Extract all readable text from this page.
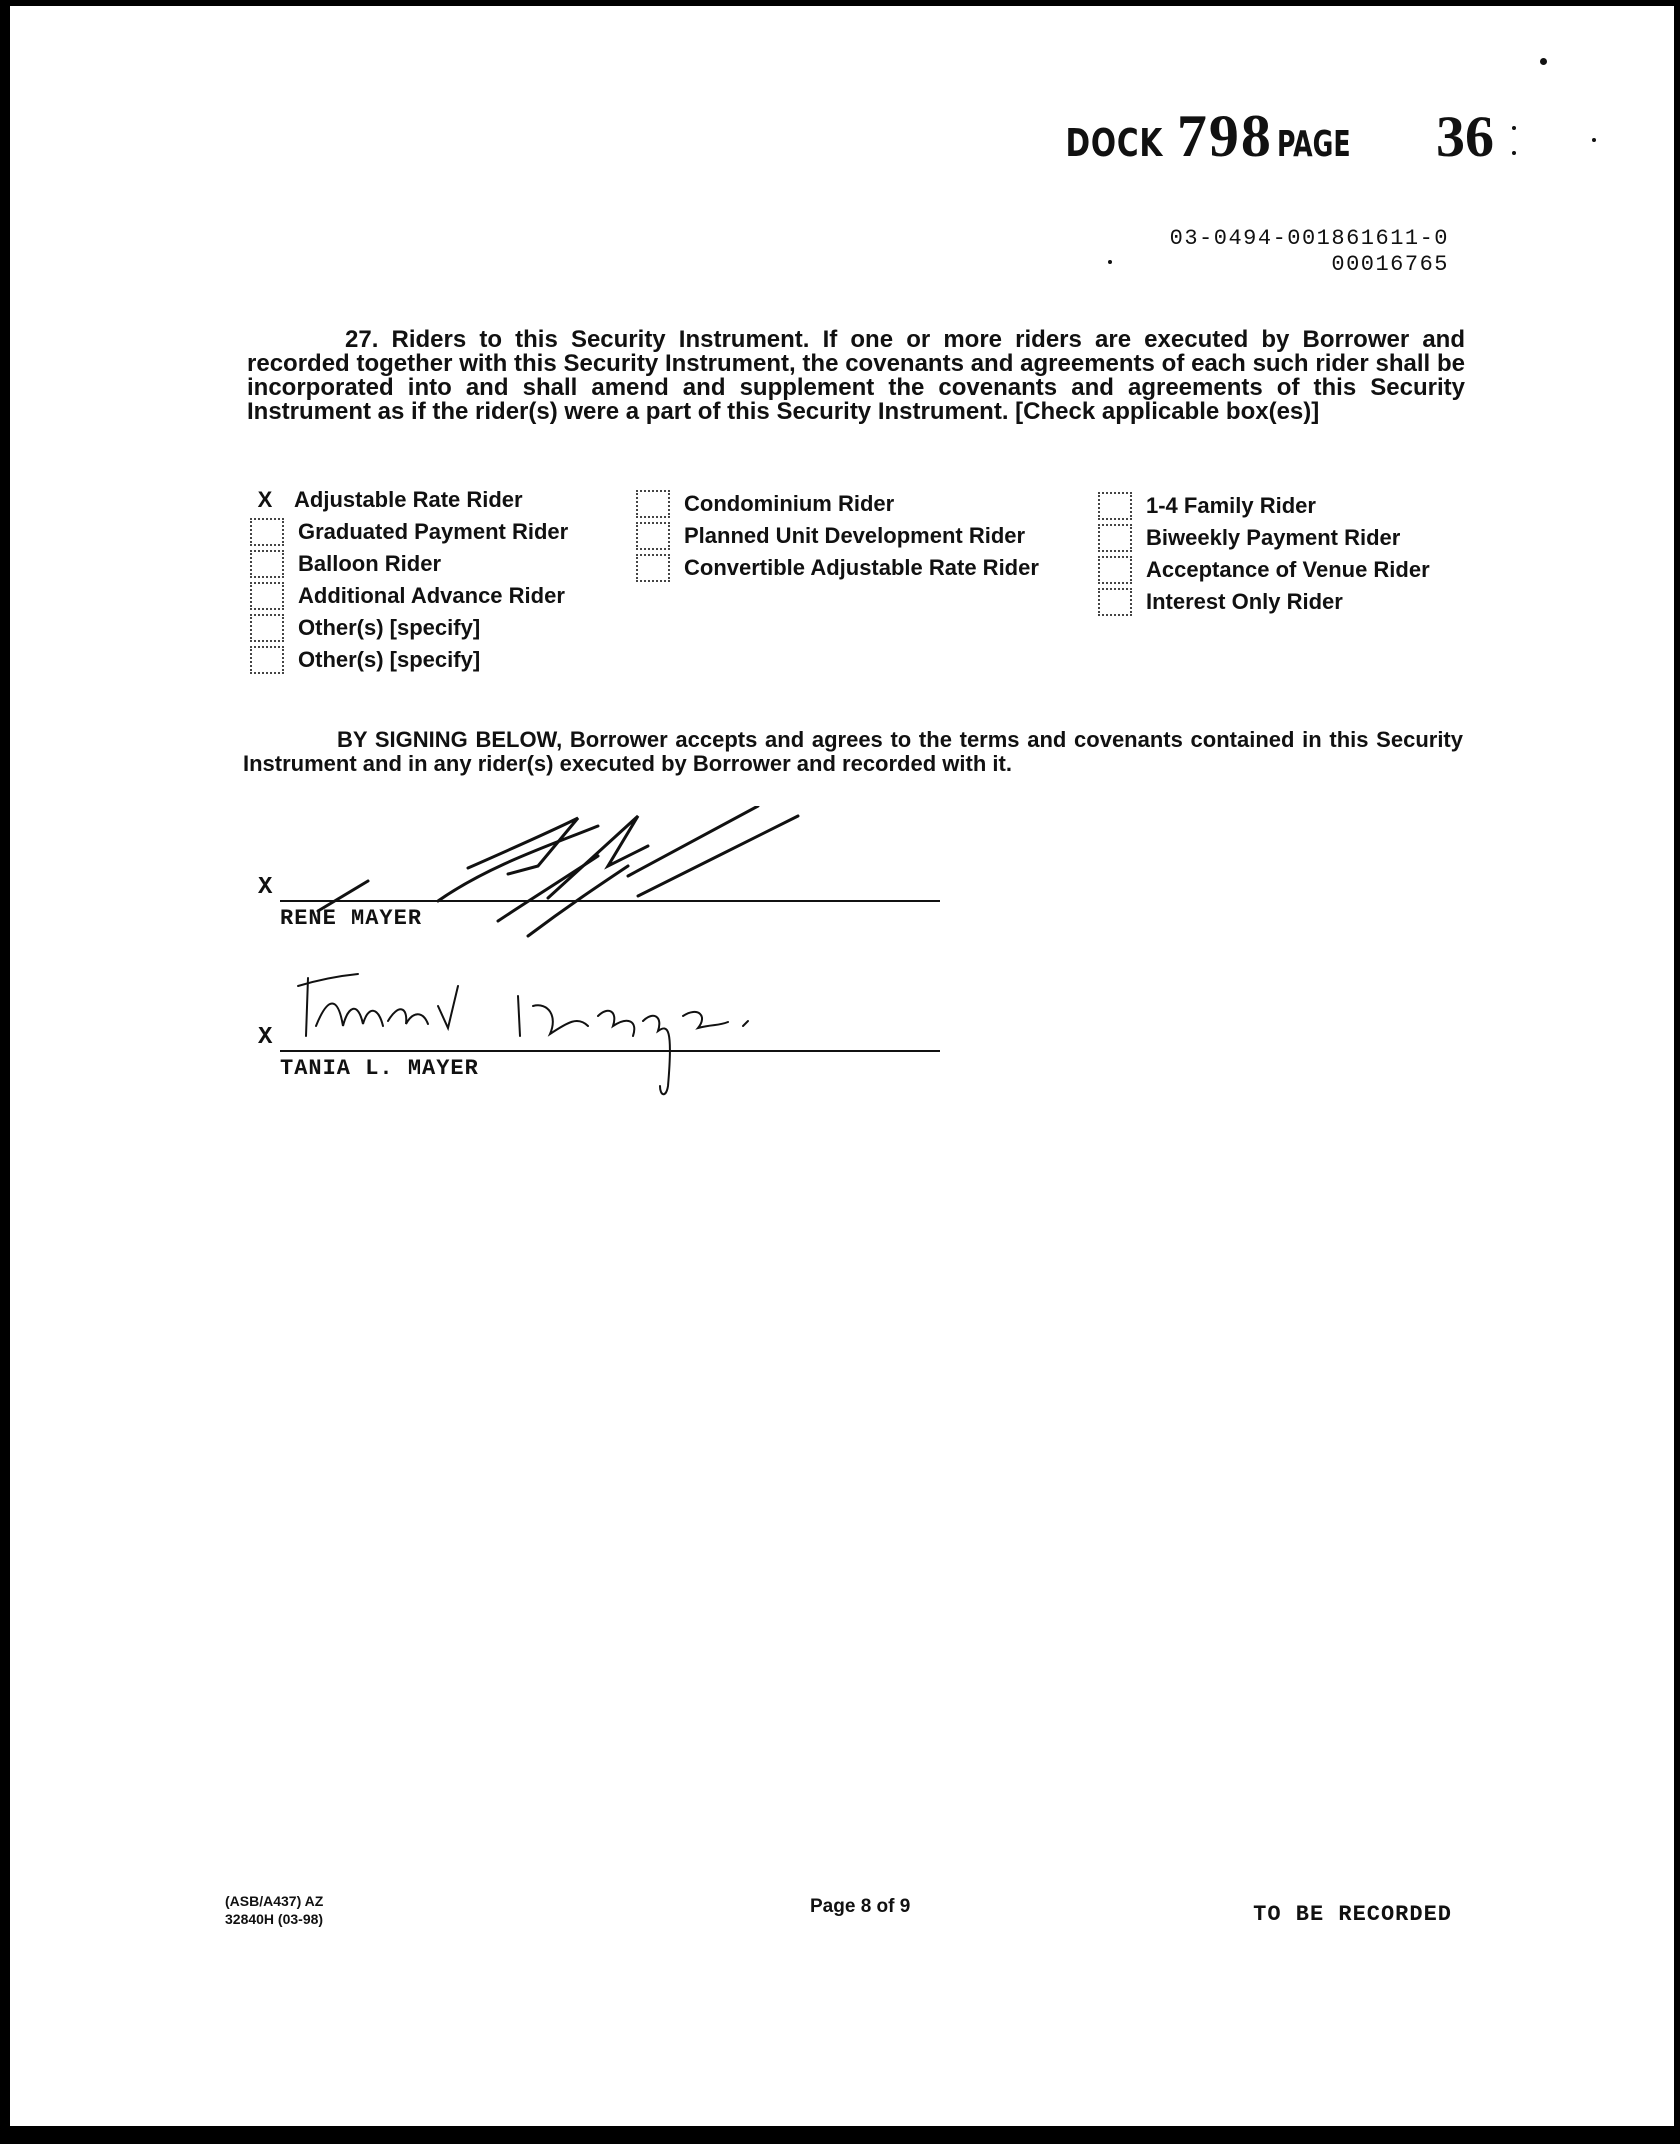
DOCK 798 PAGE 36
03-0494-001861611-0
00016765
27. Riders to this Security Instrument. If one or more riders are executed by Borrower and recorded together with this Security Instrument, the covenants and agreements of each such rider shall be incorporated into and shall amend and supplement the covenants and agreements of this Security Instrument as if the rider(s) were a part of this Security Instrument. [Check applicable box(es)]
X Adjustable Rate Rider
Graduated Payment Rider
Balloon Rider
Additional Advance Rider
Other(s) [specify]
Other(s) [specify]
Condominium Rider
Planned Unit Development Rider
Convertible Adjustable Rate Rider
1-4 Family Rider
Biweekly Payment Rider
Acceptance of Venue Rider
Interest Only Rider
BY SIGNING BELOW, Borrower accepts and agrees to the terms and covenants contained in this Security Instrument and in any rider(s) executed by Borrower and recorded with it.
X
RENE MAYER
X
TANIA L. MAYER
(ASB/A437) AZ
32840H (03-98)
Page 8 of 9	TO BE RECORDED
